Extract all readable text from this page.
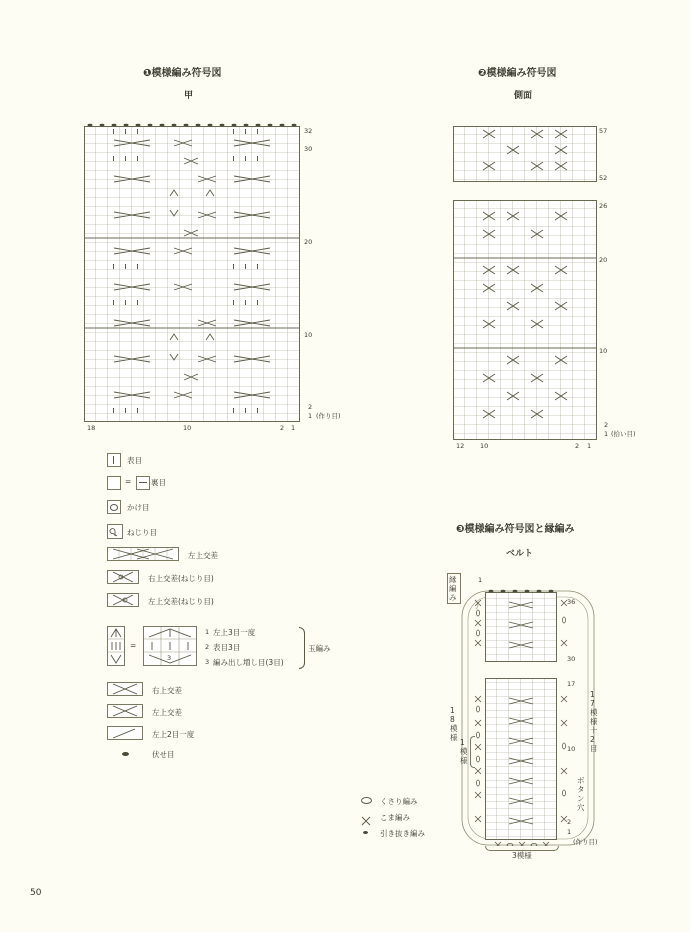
❶模様編み符号図
甲
32
30
20
10
2
1 (作り目)
18	10	2 1
❷模様編み符号図
側面
57
52
26
20
10
2
1 (拾い目)
12 10	2 1
表目
=	裏目
かけ目
ねじり目
左上交差
右上交差(ねじり目)
左上交差(ねじり目)
=
3
1 左上3目一度
2 表目3目
3 編み出し増し目(3目)
玉編み
右上交差
左上交差
左上2目一度
伏せ目
❸模様編み符号図と縁編み
ベルト
縁編み
1
36
30
17
10
2
1
(作り目)
18模様
1模様
17模様十2目
ボタン穴
3模様
くさり編み
こま編み
引き抜き編み
50
